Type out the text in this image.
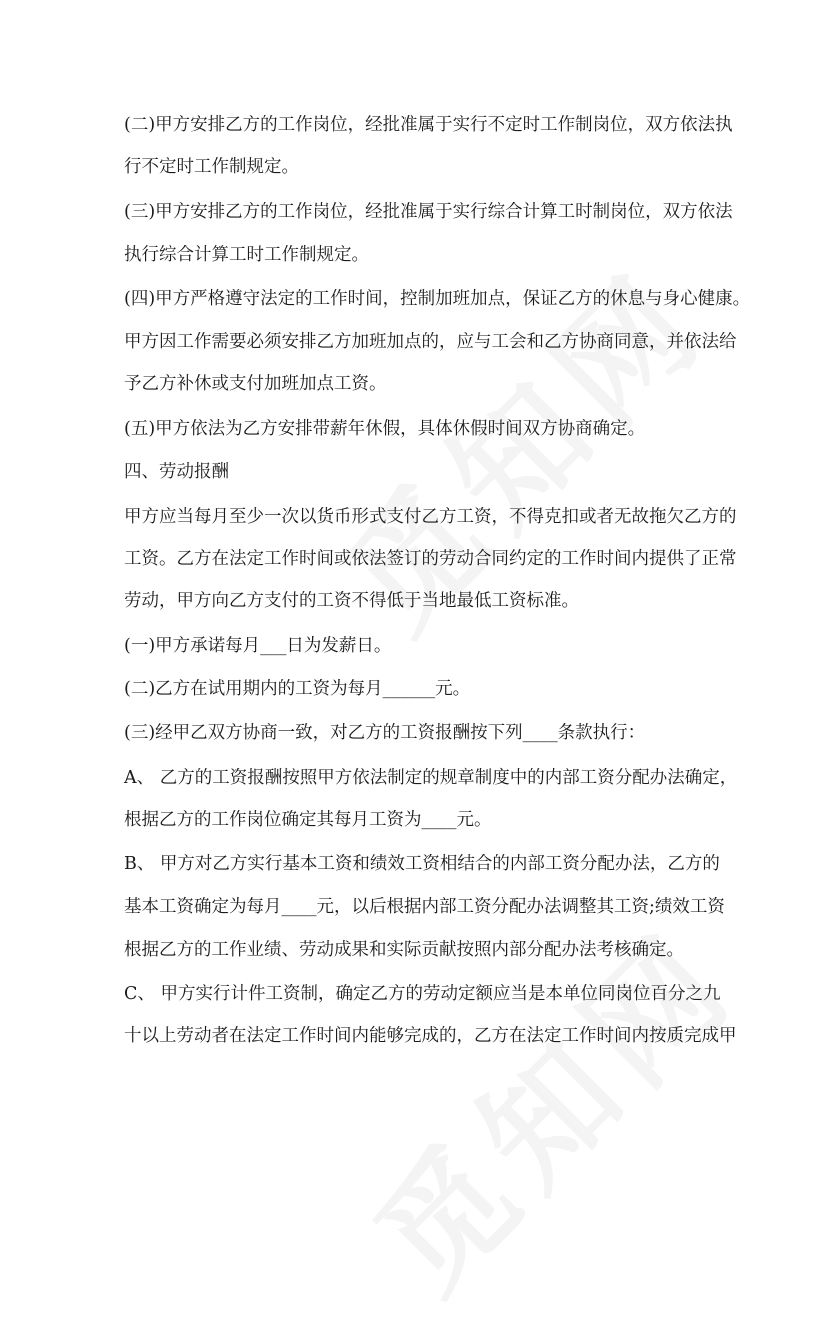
(二)甲方安排乙方的工作岗位，经批准属于实行不定时工作制岗位，双方依法执

行不定时工作制规定。

(三)甲方安排乙方的工作岗位，经批准属于实行综合计算工时制岗位，双方依法

执行综合计算工时工作制规定。

(四)甲方严格遵守法定的工作时间，控制加班加点，保证乙方的休息与身心健康。

甲方因工作需要必须安排乙方加班加点的，应与工会和乙方协商同意，并依法给

予乙方补休或支付加班加点工资。

(五)甲方依法为乙方安排带薪年休假，具体休假时间双方协商确定。

四、劳动报酬

甲方应当每月至少一次以货币形式支付乙方工资，不得克扣或者无故拖欠乙方的

工资。乙方在法定工作时间或依法签订的劳动合同约定的工作时间内提供了正常

劳动，甲方向乙方支付的工资不得低于当地最低工资标准。

(一)甲方承诺每月___日为发薪日。

(二)乙方在试用期内的工资为每月______元。

(三)经甲乙双方协商一致，对乙方的工资报酬按下列____条款执行：

A、 乙方的工资报酬按照甲方依法制定的规章制度中的内部工资分配办法确定，

根据乙方的工作岗位确定其每月工资为____元。

B、 甲方对乙方实行基本工资和绩效工资相结合的内部工资分配办法，乙方的

基本工资确定为每月____元，以后根据内部工资分配办法调整其工资;绩效工资

根据乙方的工作业绩、劳动成果和实际贡献按照内部分配办法考核确定。

C、 甲方实行计件工资制，确定乙方的劳动定额应当是本单位同岗位百分之九

十以上劳动者在法定工作时间内能够完成的，乙方在法定工作时间内按质完成甲
